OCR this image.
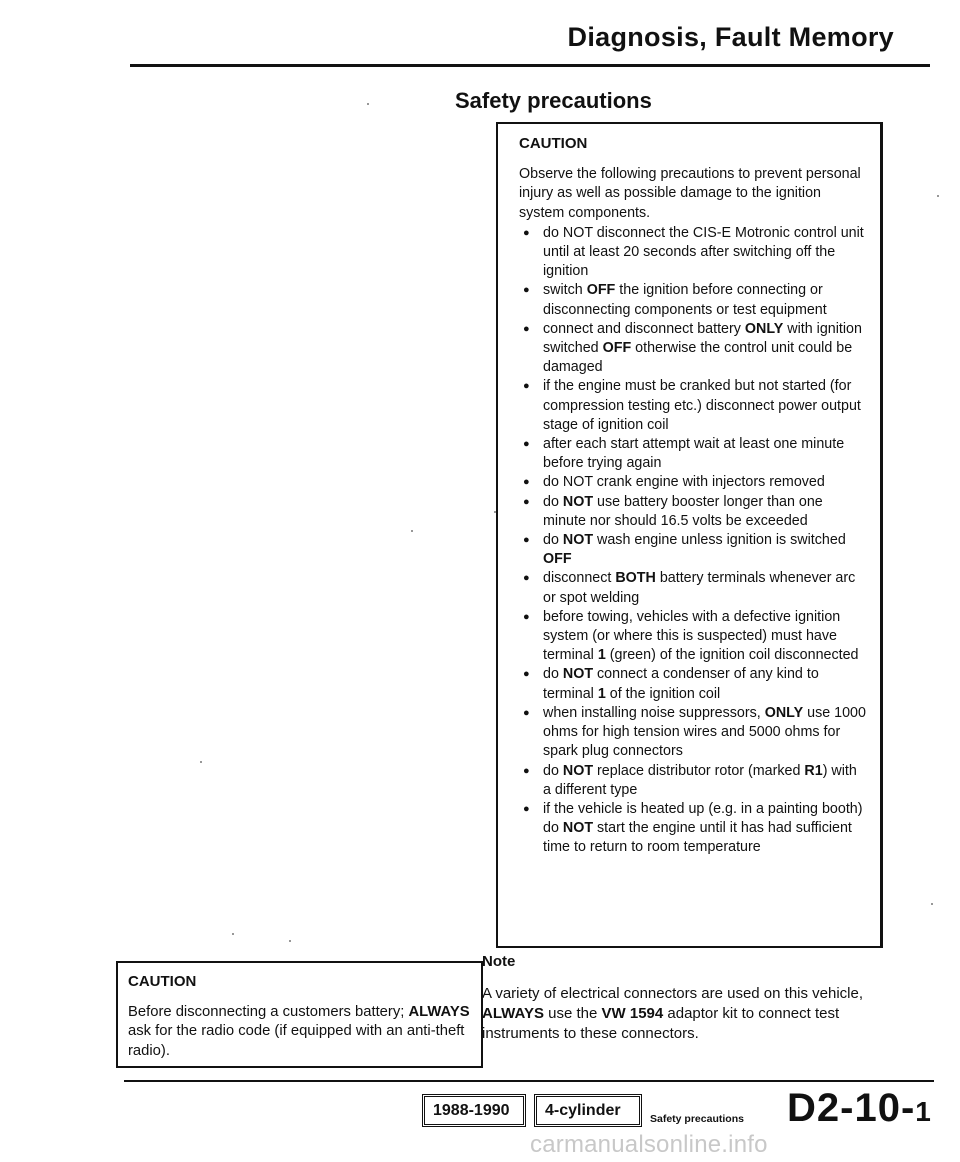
Diagnosis, Fault Memory
Safety precautions
CAUTION

Observe the following precautions to prevent personal injury as well as possible damage to the ignition system components.

● do NOT disconnect the CIS-E Motronic control unit until at least 20 seconds after switching off the ignition
● switch OFF the ignition before connecting or disconnecting components or test equipment
● connect and disconnect battery ONLY with ignition switched OFF otherwise the control unit could be damaged
● if the engine must be cranked but not started (for compression testing etc.) disconnect power output stage of ignition coil
● after each start attempt wait at least one minute before trying again
● do NOT crank engine with injectors removed
● do NOT use battery booster longer than one minute nor should 16.5 volts be exceeded
● do NOT wash engine unless ignition is switched OFF
● disconnect BOTH battery terminals whenever arc or spot welding
● before towing, vehicles with a defective ignition system (or where this is suspected) must have terminal 1 (green) of the ignition coil disconnected
● do NOT connect a condenser of any kind to terminal 1 of the ignition coil
● when installing noise suppressors, ONLY use 1000 ohms for high tension wires and 5000 ohms for spark plug connectors
● do NOT replace distributor rotor (marked R1) with a different type
● if the vehicle is heated up (e.g. in a painting booth) do NOT start the engine until it has had sufficient time to return to room temperature
Note
A variety of electrical connectors are used on this vehicle, ALWAYS use the VW 1594 adaptor kit to connect test instruments to these connectors.
CAUTION
Before disconnecting a customers battery; ALWAYS ask for the radio code (if equipped with an anti-theft radio).
1988-1990	4-cylinder	Safety precautions D2-10-1
carmanualsonline.info
